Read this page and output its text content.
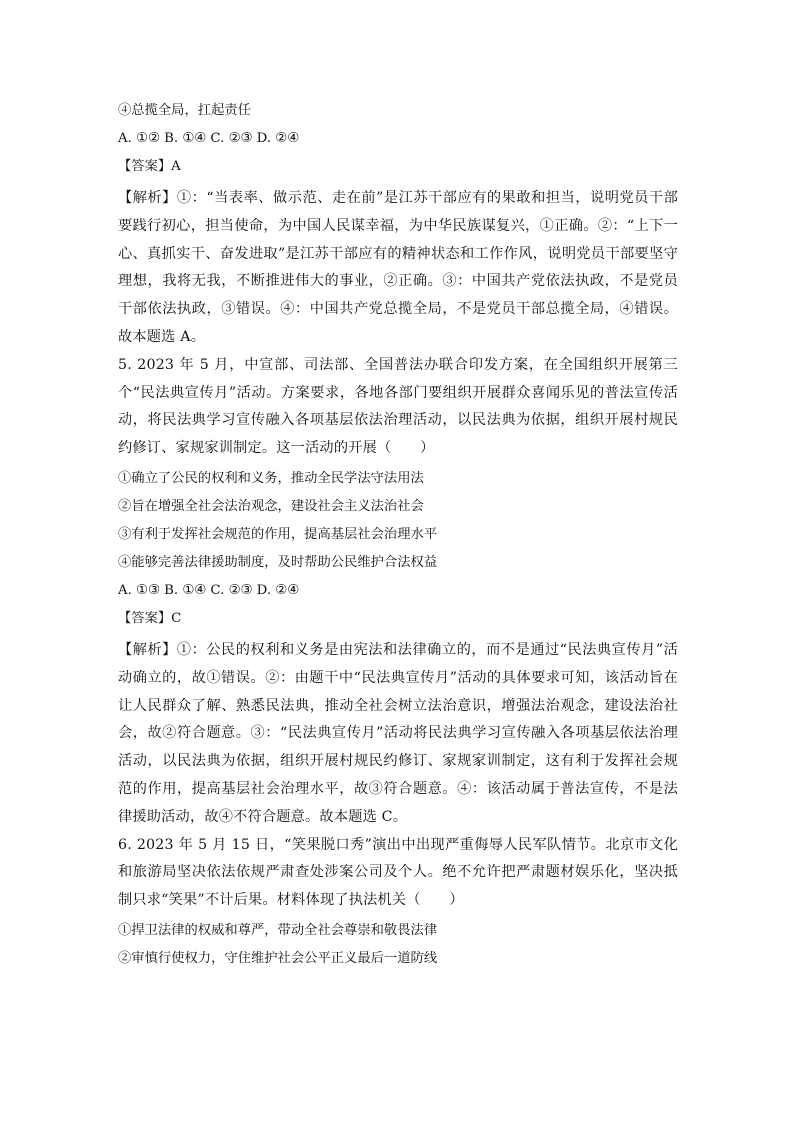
④总揽全局，扛起责任
A. ①② B. ①④ C. ②③ D. ②④
【答案】A
【解析】①：“当表率、做示范、走在前”是江苏干部应有的果敢和担当，说明党员干部要践行初心，担当使命，为中国人民谋幸福，为中华民族谋复兴，①正确。②：“上下一心、真抓实干、奋发进取”是江苏干部应有的精神状态和工作作风，说明党员干部要坚守理想，我将无我，不断推进伟大的事业，②正确。③：中国共产党依法执政，不是党员干部依法执政，③错误。④：中国共产党总揽全局，不是党员干部总揽全局，④错误。故本题选 A。
5. 2023 年 5 月，中宣部、司法部、全国普法办联合印发方案，在全国组织开展第三个“民法典宣传月”活动。方案要求，各地各部门要组织开展群众喜闻乐见的普法宣传活动，将民法典学习宣传融入各项基层依法治理活动，以民法典为依据，组织开展村规民约修订、家规家训制定。这一活动的开展（　　）
①确立了公民的权利和义务，推动全民学法守法用法
②旨在增强全社会法治观念，建设社会主义法治社会
③有利于发挥社会规范的作用，提高基层社会治理水平
④能够完善法律援助制度，及时帮助公民维护合法权益
A. ①③ B. ①④ C. ②③ D. ②④
【答案】C
【解析】①：公民的权利和义务是由宪法和法律确立的，而不是通过“民法典宣传月”活动确立的，故①错误。②：由题干中“民法典宣传月”活动的具体要求可知，该活动旨在让人民群众了解、熟悉民法典，推动全社会树立法治意识，增强法治观念，建设法治社会，故②符合题意。③：“民法典宣传月”活动将民法典学习宣传融入各项基层依法治理活动，以民法典为依据，组织开展村规民约修订、家规家训制定，这有利于发挥社会规范的作用，提高基层社会治理水平，故③符合题意。④：该活动属于普法宣传，不是法律援助活动，故④不符合题意。故本题选 C。
6. 2023 年 5 月 15 日，“笑果脱口秀”演出中出现严重侮辱人民军队情节。北京市文化和旅游局坚决依法依规严肃查处涉案公司及个人。绝不允许把严肃题材娱乐化，坚决抵制只求“笑果”不计后果。材料体现了执法机关（　　）
①捍卫法律的权威和尊严，带动全社会尊崇和敬畏法律
②审慎行使权力，守住维护社会公平正义最后一道防线
